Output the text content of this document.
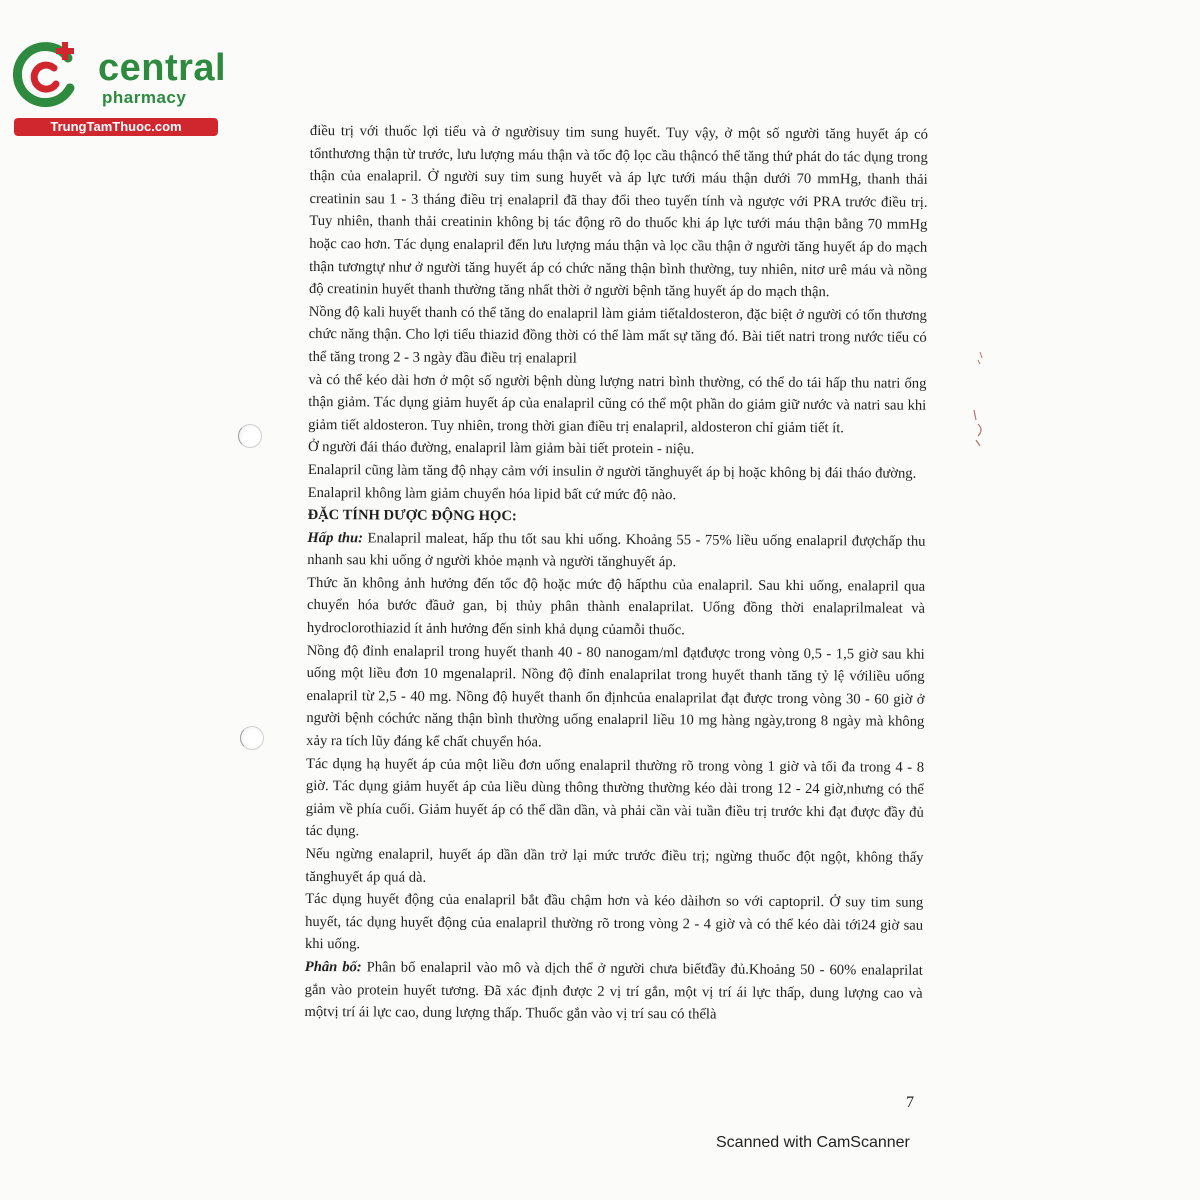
central
pharmacy
TrungTamThuoc.com	điều trị với thuốc lợi tiểu và ở ngườisuy tim sung huyết. Tuy vậy, ở một số người tăng huyết áp có tổnthương thận từ trước, lưu lượng máu thận và tốc độ lọc cầu thậncó thể tăng thứ phát do tác dụng trong thận của enalapril. Ở người suy tim sung huyết và áp lực tưới máu thận dưới 70 mmHg, thanh thải creatinin sau 1 - 3 tháng điều trị enalapril đã thay đổi theo tuyến tính và ngược với PRA trước điều trị. Tuy nhiên, thanh thải creatinin không bị tác động rõ do thuốc khi áp lực tưới máu thận bằng 70 mmHg hoặc cao hơn. Tác dụng enalapril đến lưu lượng máu thận và lọc cầu thận ở người tăng huyết áp do mạch thận tươngtự như ở người tăng huyết áp có chức năng thận bình thường, tuy nhiên, nitơ urê máu và nồng độ creatinin huyết thanh thường tăng nhất thời ở người bệnh tăng huyết áp do mạch thận.

Nồng độ kali huyết thanh có thể tăng do enalapril làm giảm tiếtaldosteron, đặc biệt ở người có tổn thương chức năng thận. Cho lợi tiểu thiazid đồng thời có thể làm mất sự tăng đó. Bài tiết natri trong nước tiểu có thể tăng trong 2 - 3 ngày đầu điều trị enalapril

và có thể kéo dài hơn ở một số người bệnh dùng lượng natri bình thường, có thể do tái hấp thu natri ống thận giảm. Tác dụng giảm huyết áp của enalapril cũng có thể một phần do giảm giữ nước và natri sau khi giảm tiết aldosteron. Tuy nhiên, trong thời gian điều trị enalapril, aldosteron chỉ giảm tiết ít.

Ở người đái tháo đường, enalapril làm giảm bài tiết protein - niệu.

Enalapril cũng làm tăng độ nhạy cảm với insulin ở người tănghuyết áp bị hoặc không bị đái tháo đường.

Enalapril không làm giảm chuyển hóa lipid bất cứ mức độ nào.

ĐẶC TÍNH DƯỢC ĐỘNG HỌC:

Hấp thu: Enalapril maleat, hấp thu tốt sau khi uống. Khoảng 55 - 75% liều uống enalapril đượchấp thu nhanh sau khi uống ở người khỏe mạnh và người tănghuyết áp.

Thức ăn không ảnh hưởng đến tốc độ hoặc mức độ hấpthu của enalapril. Sau khi uống, enalapril qua chuyển hóa bước đầuở gan, bị thủy phân thành enalaprilat. Uống đồng thời enalaprilmaleat và hydroclorothiazid ít ảnh hưởng đến sinh khả dụng củamỗi thuốc.

Nồng độ đỉnh enalapril trong huyết thanh 40 - 80 nanogam/ml đạtđược trong vòng 0,5 - 1,5 giờ sau khi uống một liều đơn 10 mgenalapril. Nồng độ đỉnh enalaprilat trong huyết thanh tăng tỷ lệ vớiliều uống enalapril từ 2,5 - 40 mg. Nồng độ huyết thanh ổn địnhcủa enalaprilat đạt được trong vòng 30 - 60 giờ ở người bệnh cóchức năng thận bình thường uống enalapril liều 10 mg hàng ngày,trong 8 ngày mà không xảy ra tích lũy đáng kể chất chuyển hóa.

Tác dụng hạ huyết áp của một liều đơn uống enalapril thường rõ trong vòng 1 giờ và tối đa trong 4 - 8 giờ. Tác dụng giảm huyết áp của liều dùng thông thường thường kéo dài trong 12 - 24 giờ,nhưng có thể giảm về phía cuối. Giảm huyết áp có thể dần dần, và phải cần vài tuần điều trị trước khi đạt được đầy đủ tác dụng.

Nếu ngừng enalapril, huyết áp dần dần trở lại mức trước điều trị; ngừng thuốc đột ngột, không thấy tănghuyết áp quá dà.

Tác dụng huyết động của enalapril bắt đầu chậm hơn và kéo dàihơn so với captopril. Ở suy tim sung huyết, tác dụng huyết động của enalapril thường rõ trong vòng 2 - 4 giờ và có thể kéo dài tới24 giờ sau khi uống.

Phân bố: Phân bố enalapril vào mô và dịch thể ở người chưa biếtđầy đủ.Khoảng 50 - 60% enalaprilat gắn vào protein huyết tương. Đã xác định được 2 vị trí gắn, một vị trí ái lực thấp, dung lượng cao và mộtvị trí ái lực cao, dung lượng thấp. Thuốc gắn vào vị trí sau có thểlà

7
Scanned with CamScanner
